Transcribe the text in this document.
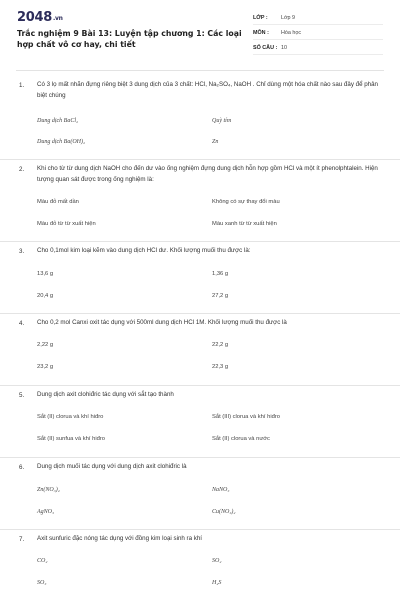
2048.vn
Trắc nghiệm 9 Bài 13: Luyện tập chương 1: Các loại hợp chất vô cơ hay, chi tiết
LỚP :	Lớp 9
MÔN :	Hóa học
SỐ CÂU : 10
1. Có 3 lọ mất nhãn đựng riêng biệt 3 dung dịch của 3 chất: HCl, Na₂SO₄, NaOH . Chỉ dùng một hóa chất nào sau đây để phân biệt chúng
Dung dịch BaCl₂	Quỳ tím
Dung dịch Ba(OH)₂	Zn
2. Khi cho từ từ dung dịch NaOH cho đến dư vào ống nghiệm đựng dung dịch hỗn hợp gồm HCl và một ít phenolphtalein. Hiện tượng quan sát được trong ống nghiệm là:
Màu đỏ mất dần	Không có sự thay đổi màu
Màu đỏ từ từ xuất hiện	Màu xanh từ từ xuất hiện
3. Cho 0,1mol kim loại kẽm vào dung dịch HCl dư. Khối lượng muối thu được là:
13,6 g	1,36 g
20,4 g	27,2 g
4. Cho 0,2 mol Canxi oxit tác dụng với 500ml dung dịch HCl 1M. Khối lượng muối thu được là
2,22 g	22,2 g
23,2 g	22,3 g
5. Dung dịch axit clohiđric tác dụng với sắt tạo thành
Sắt (II) clorua và khí hiđro	Sắt (III) clorua và khí hiđro
Sắt (II) sunfua và khí hiđro	Sắt (II) clorua và nước
6. Dung dịch muối tác dụng với dung dịch axit clohiđric là
Zn(NO₃)₂	NaNO₃
AgNO₃	Cu(NO₃)₂
7. Axit sunfuric đặc nóng tác dụng với đồng kim loại sinh ra khí
CO₂	SO₂
SO₃	H₂S
